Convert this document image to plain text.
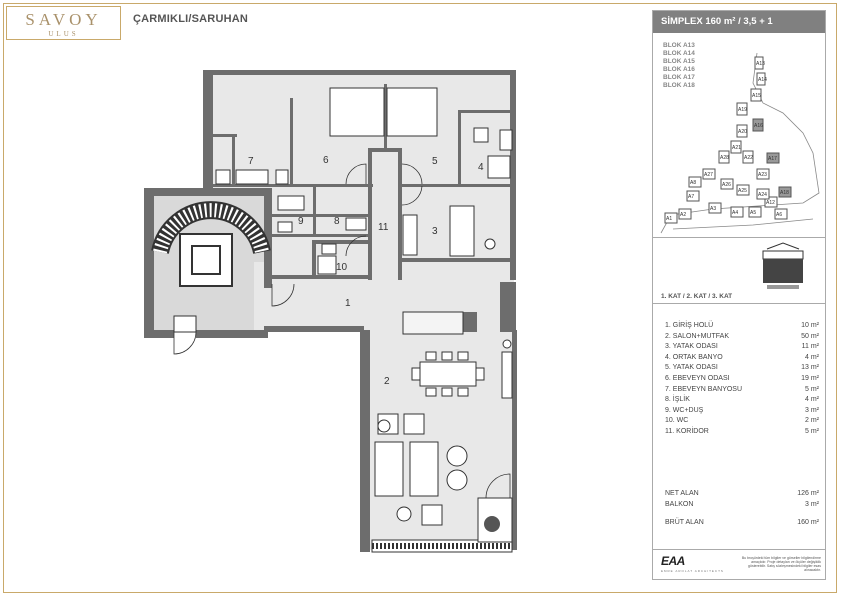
SAVOY
ULUS
ÇARMIKLI/SARUHAN
1
2
3
4
5
6
7
8
9
10
11
SİMPLEX 160 m² / 3,5 + 1
BLOK A13
BLOK A14
BLOK A15
BLOK A16
BLOK A17
BLOK A18
A1
A2
A3
A4 A5	A6
A7
A8
A12
A13
A14
A15
A16
A17
A18
A19
A20
A21
A22
A23
A24
A25
A26
A27
A28
1. KAT / 2. KAT / 3. KAT
1. GİRİŞ HOLÜ	10 m²
2. SALON+MUTFAK	50 m²
3. YATAK ODASI	11 m²
4. ORTAK BANYO	4 m²
5. YATAK ODASI	13 m²
6. EBEVEYN ODASI	19 m²
7. EBEVEYN BANYOSU	5 m²
8. İŞLİK	4 m²
9. WC+DUŞ	3 m²
10. WC	2 m²
11. KORİDOR	5 m²
NET ALAN	126 m²
BALKON	3 m²
BRÜT ALAN	160 m²
EAA
EMRE AROLAT ARCHITECTS
Bu broşürdeki tüm bilgiler ve görseller bilgilendirme amaçlıdır. Proje detayları ve ölçüler değişiklik gösterebilir. Satış sözleşmesindeki bilgiler esas alınacaktır.
